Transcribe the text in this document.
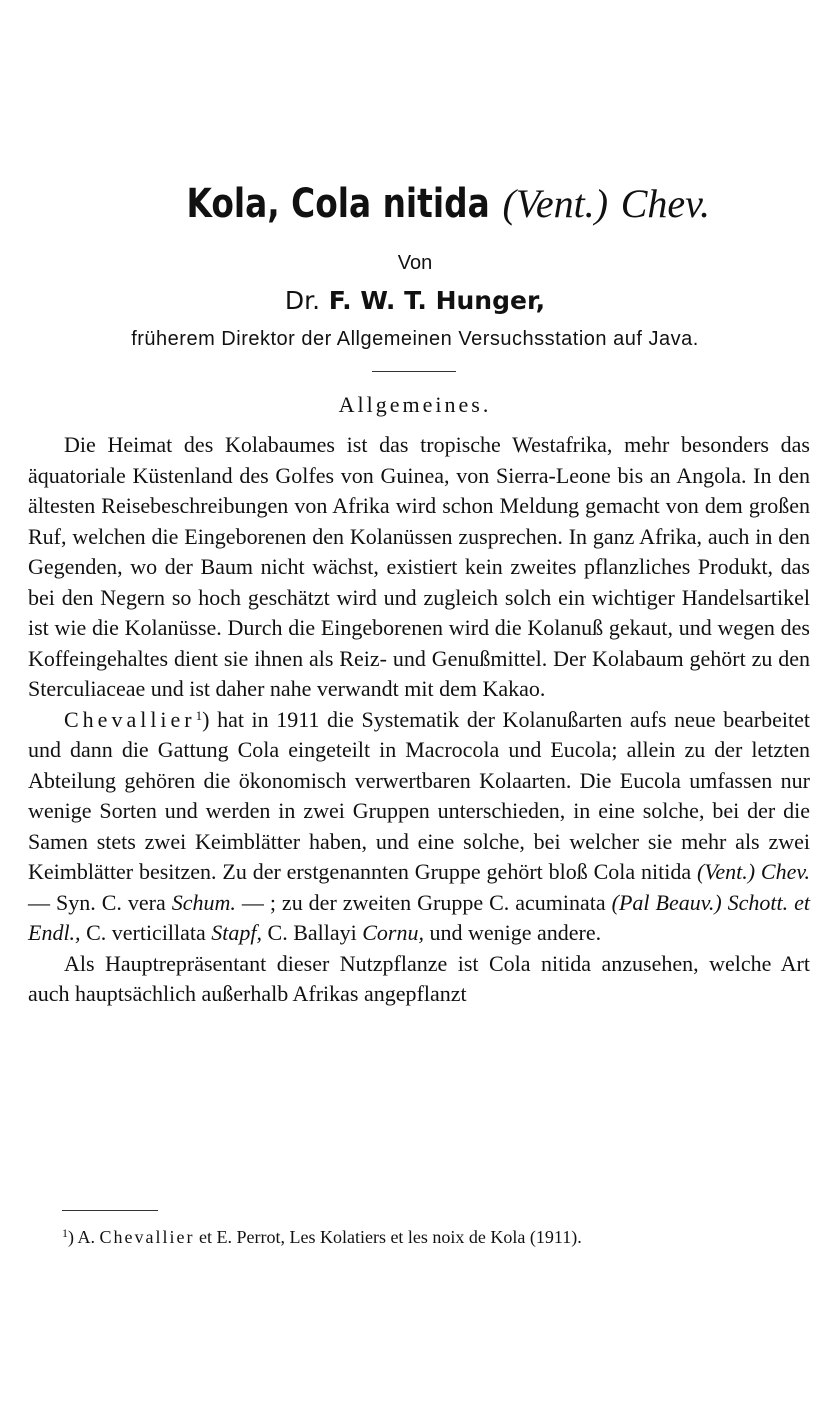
Kola, Cola nitida (Vent.) Chev.
Von
Dr. F. W. T. Hunger,
früherem Direktor der Allgemeinen Versuchsstation auf Java.
Allgemeines.

Die Heimat des Kolabaumes ist das tropische Westafrika, mehr besonders das äquatoriale Küstenland des Golfes von Guinea, von Sierra-Leone bis an Angola. In den ältesten Reisebeschreibungen von Afrika wird schon Meldung gemacht von dem großen Ruf, welchen die Eingeborenen den Kolanüssen zusprechen. In ganz Afrika, auch in den Gegenden, wo der Baum nicht wächst, existiert kein zweites pflanzliches Produkt, das bei den Negern so hoch geschätzt wird und zugleich solch ein wichtiger Handelsartikel ist wie die Kolanüsse. Durch die Eingeborenen wird die Kolanuß gekaut, und wegen des Koffeingehaltes dient sie ihnen als Reiz- und Genußmittel. Der Kolabaum gehört zu den Sterculiaceae und ist daher nahe verwandt mit dem Kakao.

Chevallier$^1$) hat in 1911 die Systematik der Kolanußarten aufs neue bearbeitet und dann die Gattung Cola eingeteilt in Macrocola und Eucola; allein zu der letzten Abteilung gehören die ökonomisch verwertbaren Kolaarten. Die Eucola umfassen nur wenige Sorten und werden in zwei Gruppen unterschieden, in eine solche, bei der die Samen stets zwei Keimblätter haben, und eine solche, bei welcher sie mehr als zwei Keimblätter besitzen. Zu der erstgenannten Gruppe gehört bloß Cola nitida (Vent.) Chev. — Syn. C. vera Schum. — ; zu der zweiten Gruppe C. acuminata (Pal Beauv.) Schott. et Endl., C. verticillata Stapf, C. Ballayi Cornu, und wenige andere.

Als Hauptrepräsentant dieser Nutzpflanze ist Cola nitida anzusehen, welche Art auch hauptsächlich außerhalb Afrikas angepflanzt

$^1$) A. Chevallier et E. Perrot, Les Kolatiers et les noix de Kola (1911).
